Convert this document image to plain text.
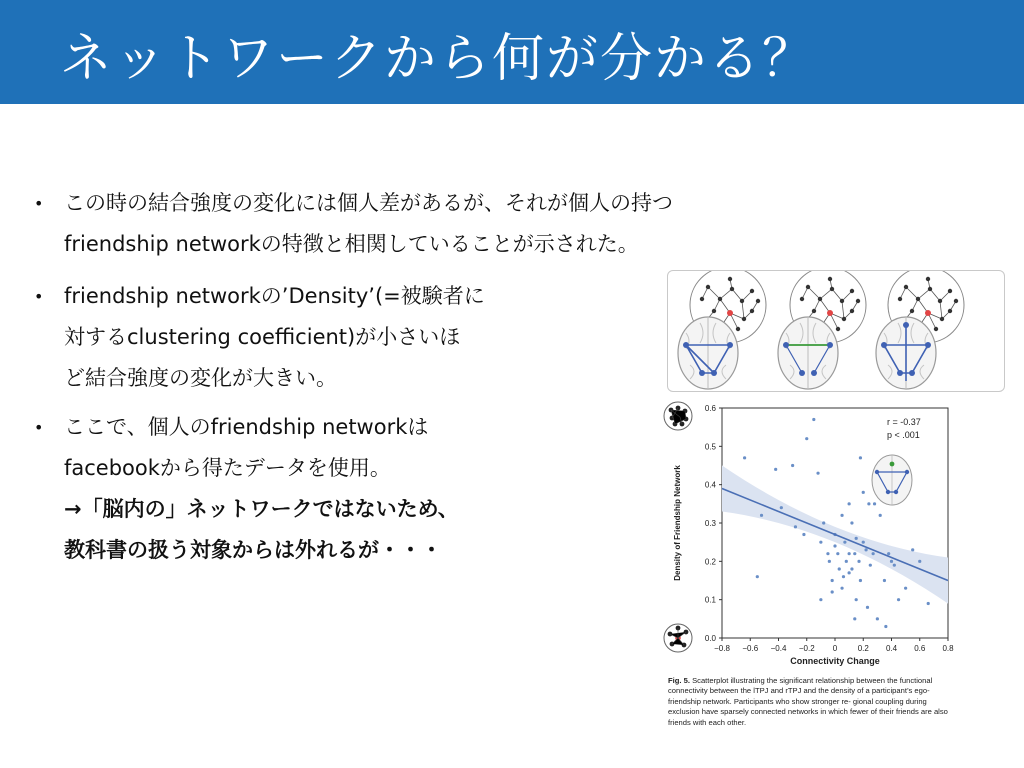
ネットワークから何が分かる？
• この時の結合強度の変化には個人差があるが、それが個人の持つ
friendship networkの特徴と相関していることが示された。
• friendship networkの’Density’(=被験者に
対するclustering coefficient)が小さいほ
ど結合強度の変化が大きい。
• ここで、個人のfriendship networkは
facebookから得たデータを使用。
→「脳内の」ネットワークではないため、
教科書の扱う対象からは外れるが・・・
−0.8 −0.6 −0.4 −0.2 0	0.2 0.4 0.6 0.8
0.0
0.1
0.2
0.3
0.4
0.5
0.6
r = -0.37
p < .001
Connectivity Change
Density of Friendship Network
Fig. 5. Scatterplot illustrating the significant relationship between the functional connectivity between the lTPJ and rTPJ and the density of a participant’s ego-friendship network. Participants who show stronger re- gional coupling during exclusion have sparsely connected networks in which fewer of their friends are also friends with each other.
